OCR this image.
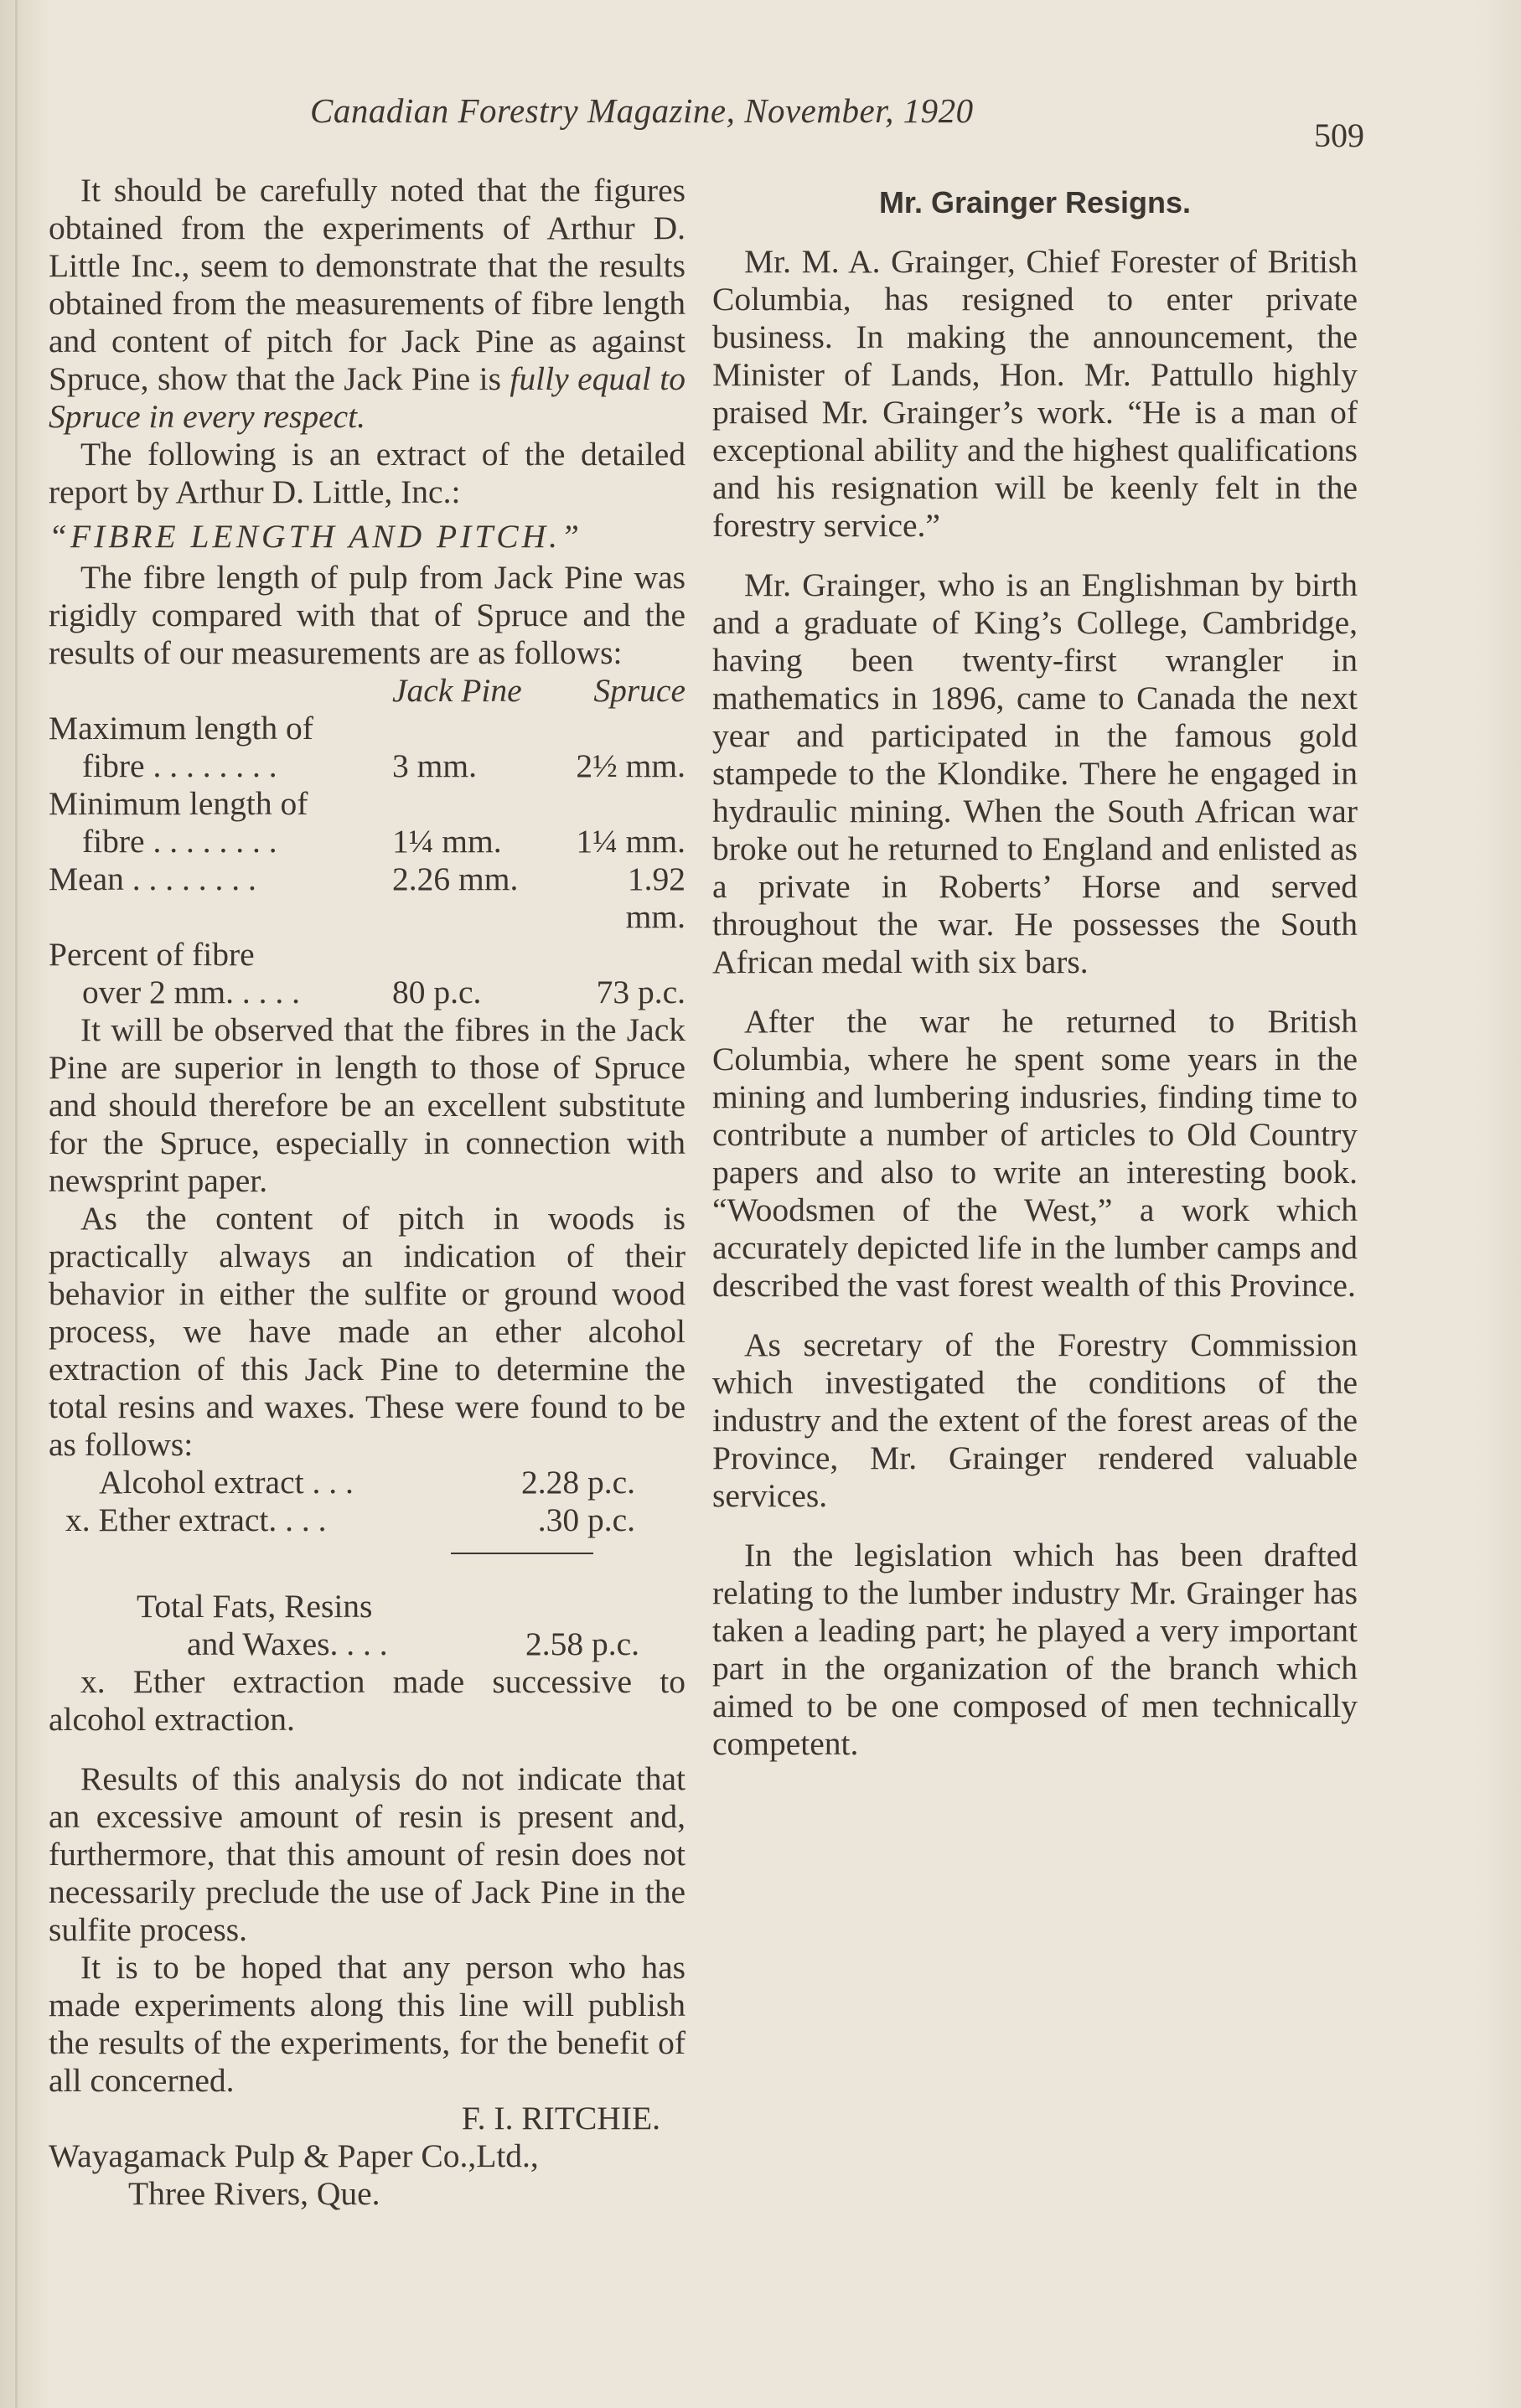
Canadian Forestry Magazine, November, 1920
509

It should be carefully noted that the figures obtained from the experiments of Arthur D. Little Inc., seem to demonstrate that the results obtained from the measurements of fibre length and content of pitch for Jack Pine as against Spruce, show that the Jack Pine is fully equal to Spruce in every respect.

The following is an extract of the detailed report by Arthur D. Little, Inc.:

“FIBRE LENGTH AND PITCH.”

The fibre length of pulp from Jack Pine was rigidly compared with that of Spruce and the results of our measurements are as follows:

Jack Pine	Spruce
Maximum length of
fibre . . . . . . . .	3 mm.	2½ mm.
Minimum length of
fibre . . . . . . . .	1¼ mm.	1¼ mm.
Mean . . . . . . . .	2.26 mm.	1.92 mm.
Percent of fibre
over 2 mm. . . . .	80 p.c.	73 p.c.

It will be observed that the fibres in the Jack Pine are superior in length to those of Spruce and should therefore be an excellent substitute for the Spruce, especially in connection with newsprint paper.

As the content of pitch in woods is practically always an indication of their behavior in either the sulfite or ground wood process, we have made an ether alcohol extraction of this Jack Pine to determine the total resins and waxes. These were found to be as follows:

Alcohol extract . . .	2.28 p.c.
x. Ether extract. . . .	.30 p.c.
Total Fats, Resins
and Waxes. . . .	2.58 p.c.

x. Ether extraction made successive to alcohol extraction.

Results of this analysis do not indicate that an excessive amount of resin is present and, furthermore, that this amount of resin does not necessarily preclude the use of Jack Pine in the sulfite process.

It is to be hoped that any person who has made experiments along this line will publish the results of the experiments, for the benefit of all concerned.

F. I. RITCHIE.
Wayagamack Pulp & Paper Co.,Ltd.,
Three Rivers, Que.
Mr. Grainger Resigns.

Mr. M. A. Grainger, Chief Forester of British Columbia, has resigned to enter private business. In making the announcement, the Minister of Lands, Hon. Mr. Pattullo highly praised Mr. Grainger’s work. “He is a man of exceptional ability and the highest qualifications and his resignation will be keenly felt in the forestry service.”

Mr. Grainger, who is an Englishman by birth and a graduate of King’s College, Cambridge, having been twenty-first wrangler in mathematics in 1896, came to Canada the next year and participated in the famous gold stampede to the Klondike. There he engaged in hydraulic mining. When the South African war broke out he returned to England and enlisted as a private in Roberts’ Horse and served throughout the war. He possesses the South African medal with six bars.

After the war he returned to British Columbia, where he spent some years in the mining and lumbering indusries, finding time to contribute a number of articles to Old Country papers and also to write an interesting book. “Woodsmen of the West,” a work which accurately depicted life in the lumber camps and described the vast forest wealth of this Province.

As secretary of the Forestry Commission which investigated the conditions of the industry and the extent of the forest areas of the Province, Mr. Grainger rendered valuable services.

In the legislation which has been drafted relating to the lumber industry Mr. Grainger has taken a leading part; he played a very important part in the organization of the branch which aimed to be one composed of men technically competent.
